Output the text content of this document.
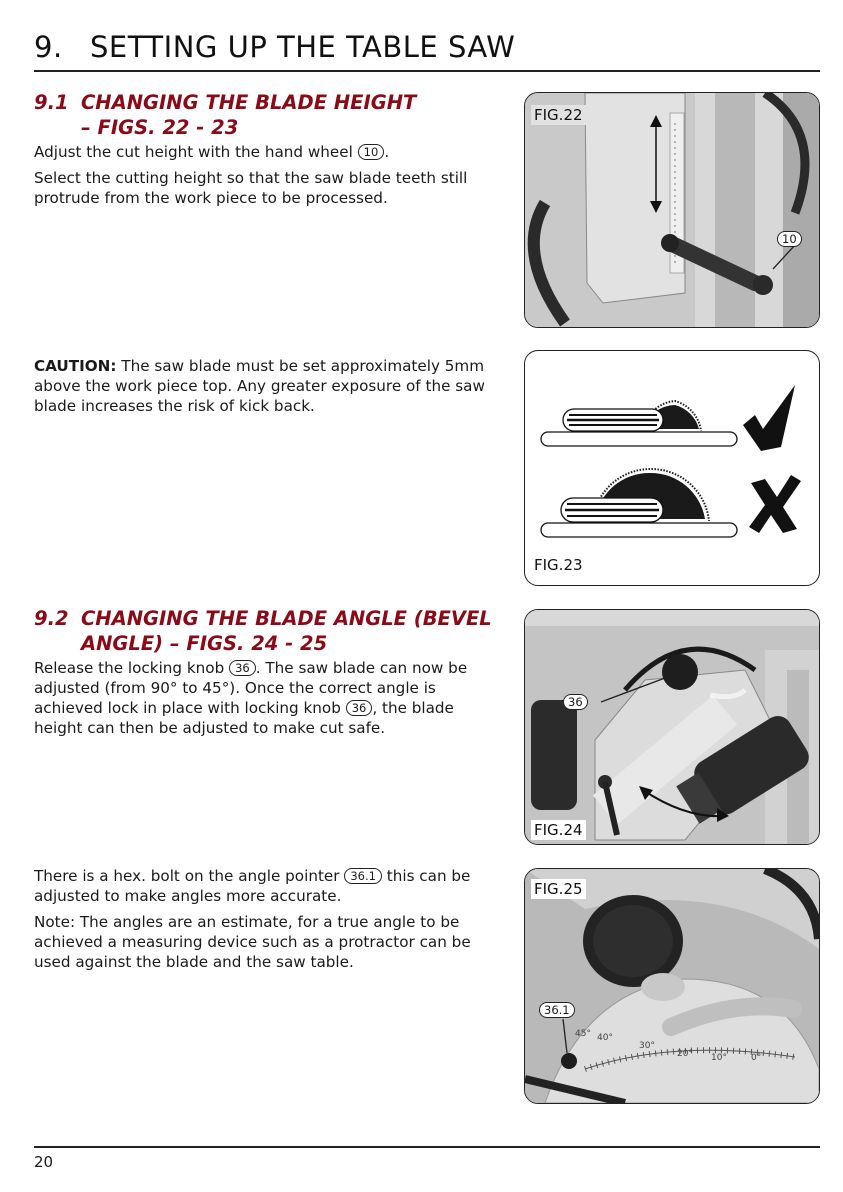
9. SETTING UP THE TABLE SAW
9.1 CHANGING THE BLADE HEIGHT
– FIGS. 22 - 23

Adjust the cut height with the hand wheel 10 .

Select the cutting height so that the saw blade teeth still protrude from the work piece to be processed.

CAUTION: The saw blade must be set approximately 5mm above the work piece top. Any greater exposure of the saw blade increases the risk of kick back.

9.2 CHANGING THE BLADE ANGLE (BEVEL
ANGLE) – FIGS. 24 - 25

Release the locking knob 36 . The saw blade can now be adjusted (from 90° to 45°). Once the correct angle is achieved lock in place with locking knob 36 , the blade height can then be adjusted to make cut safe.

There is a hex. bolt on the angle pointer 36.1 this can be adjusted to make angles more accurate.

Note: The angles are an estimate, for a true angle to be achieved a measuring device such as a protractor can be used against the blade and the saw table.

FIG.22
10
FIG.23
36
FIG.24
45° 40°
30°
20° 10°	0°
FIG.25
36.1
20
